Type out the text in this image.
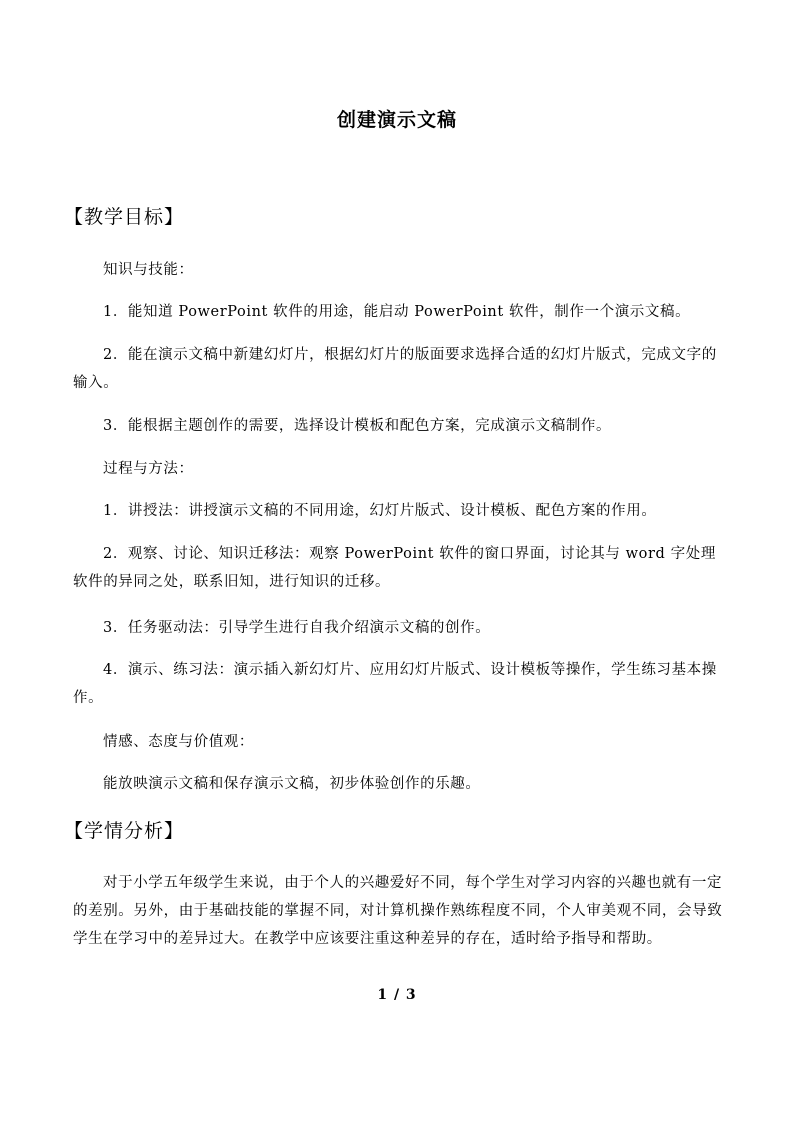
创建演示文稿
【教学目标】
知识与技能：
1．能知道 PowerPoint 软件的用途，能启动 PowerPoint 软件，制作一个演示文稿。
2．能在演示文稿中新建幻灯片，根据幻灯片的版面要求选择合适的幻灯片版式，完成文字的输入。
3．能根据主题创作的需要，选择设计模板和配色方案，完成演示文稿制作。
过程与方法：
1．讲授法：讲授演示文稿的不同用途，幻灯片版式、设计模板、配色方案的作用。
2．观察、讨论、知识迁移法：观察 PowerPoint 软件的窗口界面，讨论其与 word 字处理软件的异同之处，联系旧知，进行知识的迁移。
3．任务驱动法：引导学生进行自我介绍演示文稿的创作。
4．演示、练习法：演示插入新幻灯片、应用幻灯片版式、设计模板等操作，学生练习基本操作。
情感、态度与价值观：
能放映演示文稿和保存演示文稿，初步体验创作的乐趣。
【学情分析】
对于小学五年级学生来说，由于个人的兴趣爱好不同，每个学生对学习内容的兴趣也就有一定的差别。另外，由于基础技能的掌握不同，对计算机操作熟练程度不同，个人审美观不同，会导致学生在学习中的差异过大。在教学中应该要注重这种差异的存在，适时给予指导和帮助。
1 / 3
